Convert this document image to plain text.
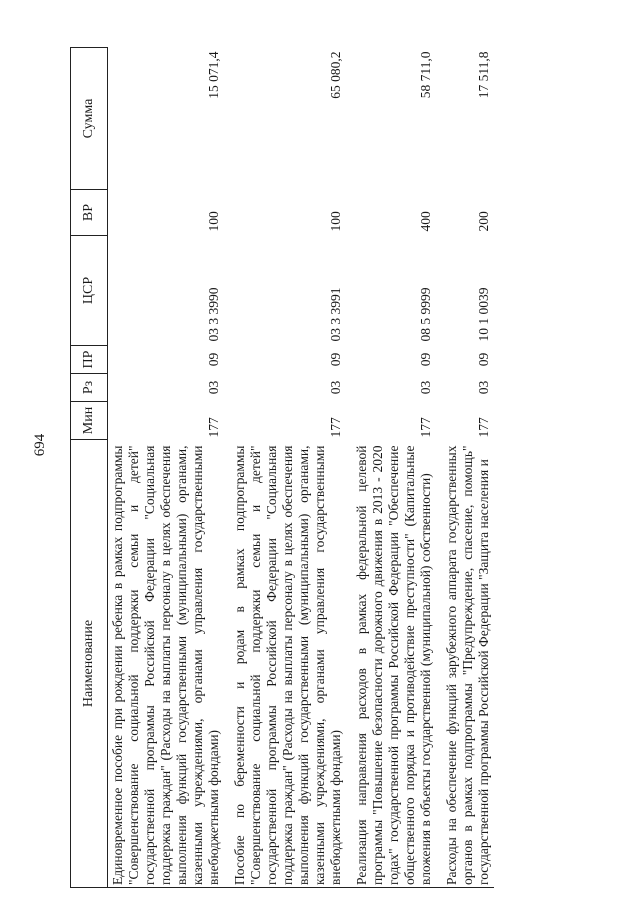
694
Наименование	Мин	Рз	ПР	ЦСР	ВР	Сумма
Единовременное пособие при рождении ребенка в рамках подпрограммы "Совершенствование социальной поддержки семьи и детей" государственной программы Российской Федерации "Социальная поддержка граждан" (Расходы на выплаты персоналу в целях обеспечения выполнения функций государственными (муниципальными) органами, казенными учреждениями, органами управления государственными внебюджетными фондами)	177	03	09	03 3 3990	100	15 071,4
Пособие по беременности и родам в рамках подпрограммы "Совершенствование социальной поддержки семьи и детей" государственной программы Российской Федерации "Социальная поддержка граждан" (Расходы на выплаты персоналу в целях обеспечения выполнения функций государственными (муниципальными) органами, казенными учреждениями, органами управления государственными внебюджетными фондами)	177	03	09	03 3 3991	100	65 080,2
Реализация направления расходов в рамках федеральной целевой программы "Повышение безопасности дорожного движения в 2013 - 2020 годах" государственной программы Российской Федерации "Обеспечение общественного порядка и противодействие преступности" (Капитальные вложения в объекты государственной (муниципальной) собственности)	177	03	09	08 5 9999	400	58 711,0
Расходы на обеспечение функций зарубежного аппарата государственных органов в рамках подпрограммы "Предупреждение, спасение, помощь" государственной программы Российской Федерации "Защита населения и	177	03	09	10 1 0039	200	17 511,8
